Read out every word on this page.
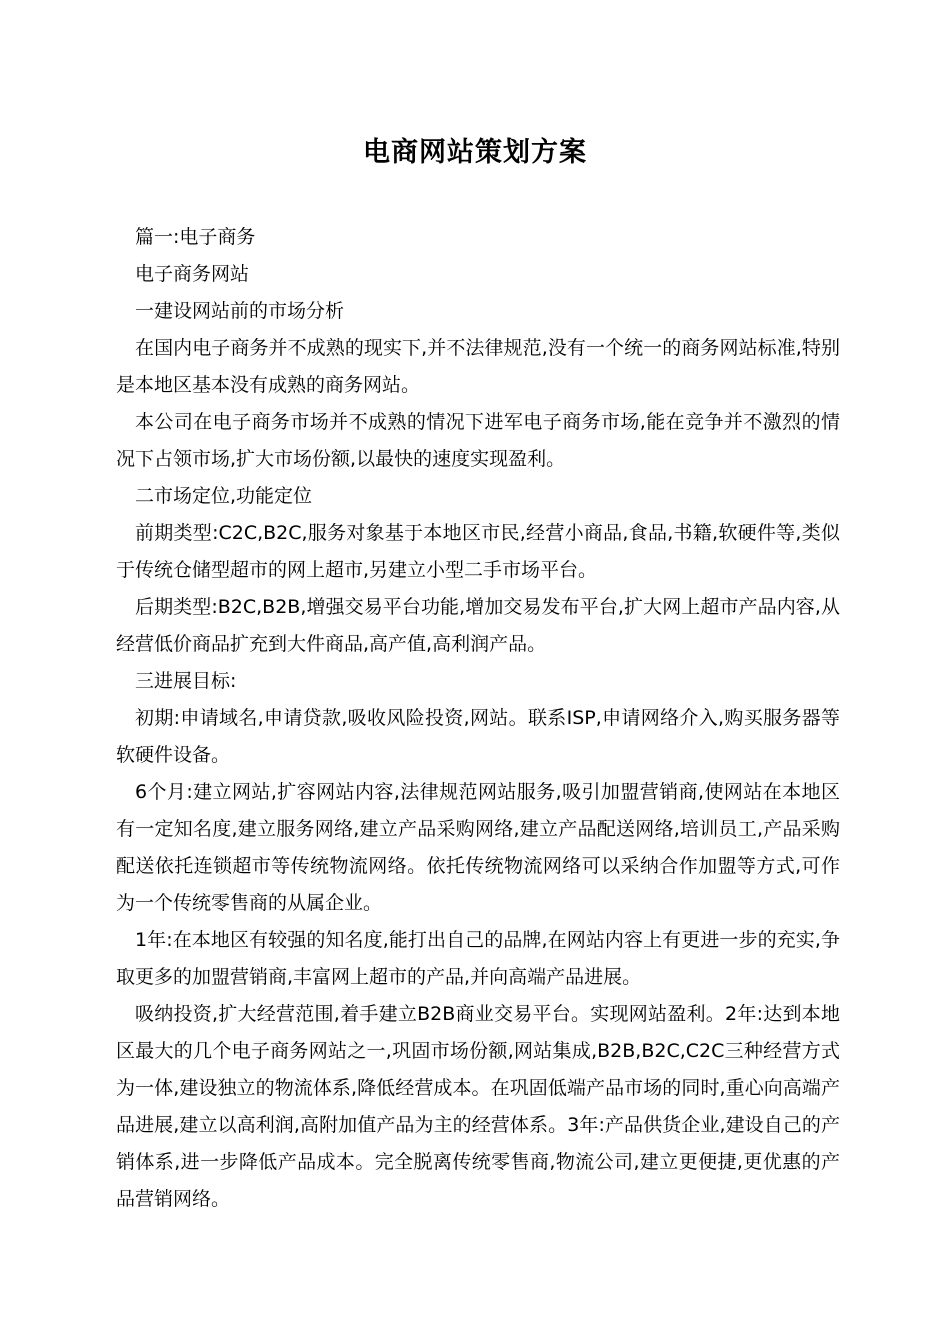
电商网站策划方案

篇一:电子商务

电子商务网站

一建设网站前的市场分析

在国内电子商务并不成熟的现实下,并不法律规范,没有一个统一的商务网站标准,特别是本地区基本没有成熟的商务网站。

本公司在电子商务市场并不成熟的情况下进军电子商务市场,能在竞争并不激烈的情况下占领市场,扩大市场份额,以最快的速度实现盈利。

二市场定位,功能定位

前期类型:C2C,B2C,服务对象基于本地区市民,经营小商品,食品,书籍,软硬件等,类似于传统仓储型超市的网上超市,另建立小型二手市场平台。

后期类型:B2C,B2B,增强交易平台功能,增加交易发布平台,扩大网上超市产品内容,从经营低价商品扩充到大件商品,高产值,高利润产品。

三进展目标:

初期:申请域名,申请贷款,吸收风险投资,网站。联系ISP,申请网络介入,购买服务器等软硬件设备。

6个月:建立网站,扩容网站内容,法律规范网站服务,吸引加盟营销商,使网站在本地区有一定知名度,建立服务网络,建立产品采购网络,建立产品配送网络,培训员工,产品采购配送依托连锁超市等传统物流网络。依托传统物流网络可以采纳合作加盟等方式,可作为一个传统零售商的从属企业。

1年:在本地区有较强的知名度,能打出自己的品牌,在网站内容上有更进一步的充实,争取更多的加盟营销商,丰富网上超市的产品,并向高端产品进展。

吸纳投资,扩大经营范围,着手建立B2B商业交易平台。实现网站盈利。2年:达到本地区最大的几个电子商务网站之一,巩固市场份额,网站集成,B2B,B2C,C2C三种经营方式为一体,建设独立的物流体系,降低经营成本。在巩固低端产品市场的同时,重心向高端产品进展,建立以高利润,高附加值产品为主的经营体系。3年:产品供货企业,建设自己的产销体系,进一步降低产品成本。完全脱离传统零售商,物流公司,建立更便捷,更优惠的产品营销网络。
